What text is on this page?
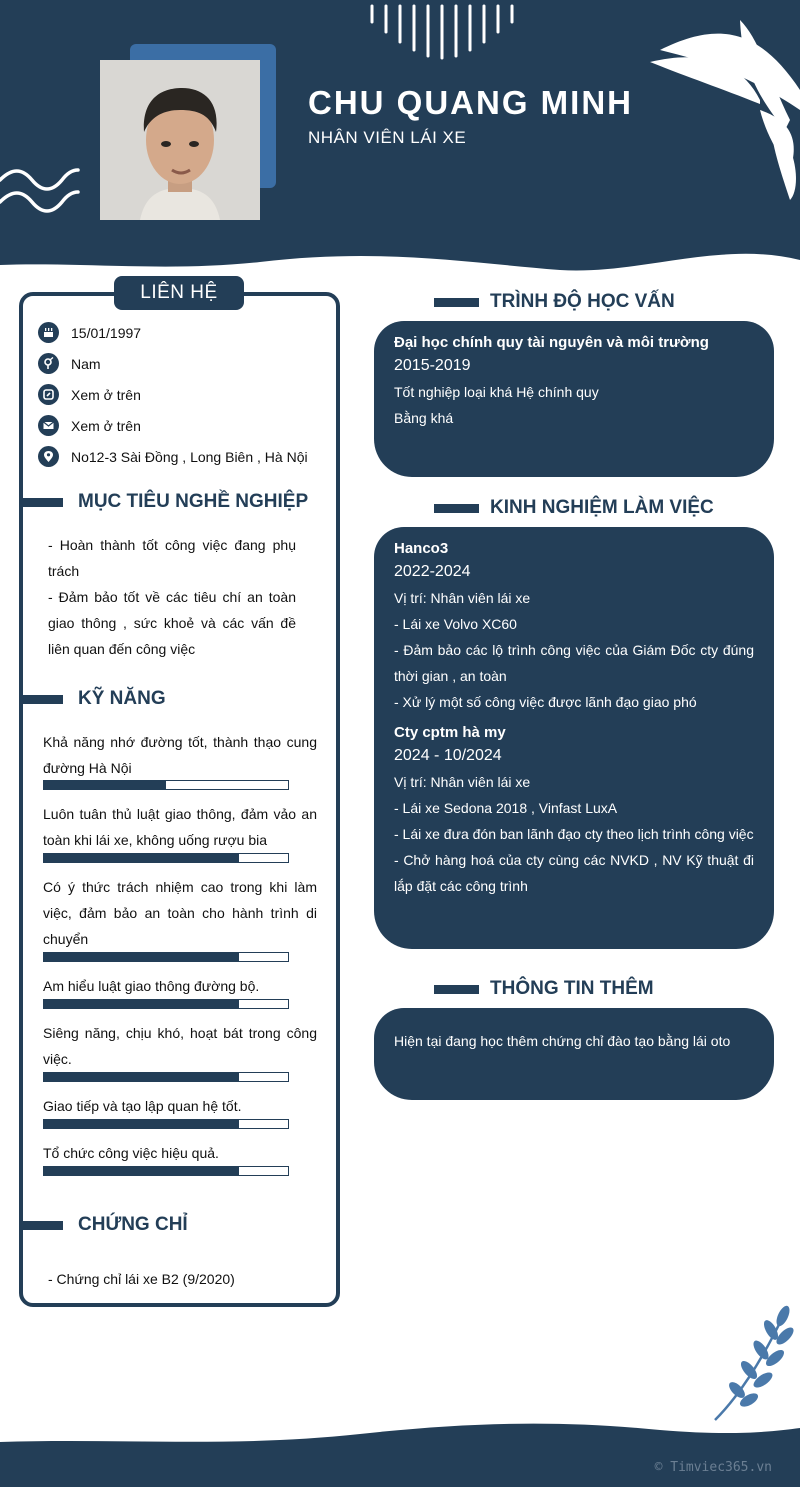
CHU QUANG MINH
NHÂN VIÊN LÁI XE
LIÊN HỆ
15/01/1997
Nam
Xem ở trên
Xem ở trên
No12-3 Sài Đồng , Long Biên , Hà Nội
MỤC TIÊU NGHỀ NGHIỆP
- Hoàn thành tốt công việc đang phụ trách
- Đảm bảo tốt về các tiêu chí an toàn giao thông , sức khoẻ và các vấn đề liên quan đến công việc
KỸ NĂNG
Khả năng nhớ đường tốt, thành thạo cung đường Hà Nội
Luôn tuân thủ luật giao thông, đảm vảo an toàn khi lái xe, không uống rượu bia
Có ý thức trách nhiệm cao trong khi làm việc, đảm bảo an toàn cho hành trình di chuyển
Am hiểu luật giao thông đường bộ.
Siêng năng, chịu khó, hoạt bát trong công việc.
Giao tiếp và tạo lập quan hệ tốt.
Tổ chức công việc hiệu quả.
CHỨNG CHỈ
- Chứng chỉ lái xe B2 (9/2020)
TRÌNH ĐỘ HỌC VẤN
Đại học chính quy tài nguyên và môi trường
2015-2019
Tốt nghiệp loại khá Hệ chính quy
Bằng khá
KINH NGHIỆM LÀM VIỆC
Hanco3
2022-2024
Vị trí: Nhân viên lái xe
- Lái xe Volvo XC60
- Đảm bảo các lộ trình công việc của Giám Đốc cty đúng thời gian , an toàn
- Xử lý một số công việc được lãnh đạo giao phó
Cty cptm hà my
2024 - 10/2024
Vị trí: Nhân viên lái xe
- Lái xe Sedona 2018 , Vinfast LuxA
- Lái xe đưa đón ban lãnh đạo cty theo lịch trình công việc
- Chở hàng hoá của cty cùng các NVKD , NV Kỹ thuật đi lắp đặt các công trình
THÔNG TIN THÊM
Hiện tại đang học thêm chứng chỉ đào tạo bằng lái oto
© Timviec365.vn
